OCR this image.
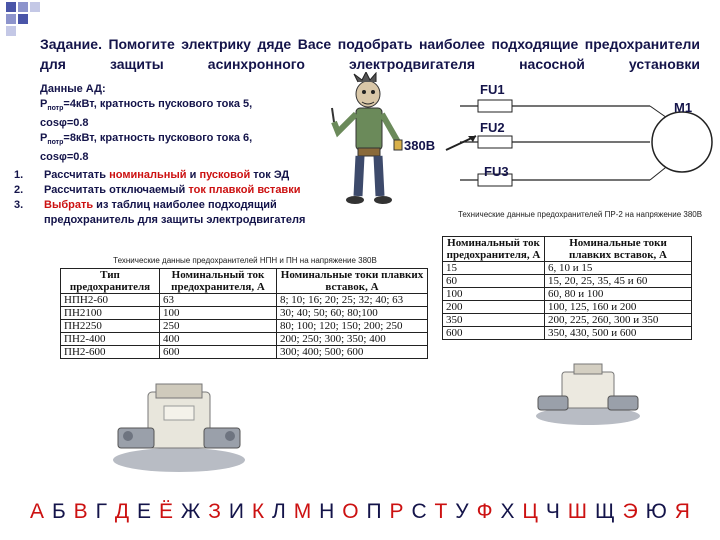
Задание. Помогите электрику дяде Васе подобрать наиболее подходящие предохранители для защиты асинхронного электродвигателя насосной установки
Данные АД:
$P_{потр}=4кВт$, кратность пускового тока 5,
cosφ=0.8
$P_{потр}=8кВт$, кратность пускового тока 6,
cosφ=0.8
1.	Рассчитать номинальный и пусковой ток ЭД
2.	Рассчитать отключаемый ток плавкой вставки
3.	Выбрать из таблиц наиболее подходящий предохранитель для защиты электродвигателя
FU1
FU2
FU3
M1
380В
Технические данные предохранителей ПР-2 на напряжение 380В
Номинальный ток предохранителя, А	Номинальные токи плавких вставок, А
15	6, 10 и 15
60	15, 20, 25, 35, 45 и 60
100	60, 80 и 100
200	100, 125, 160 и 200
350	200, 225, 260, 300 и 350
600	350, 430, 500 и 600
Технические данные предохранителей НПН и ПН на напряжение 380В
Тип предохранителя	Номинальный ток предохранителя, А	Номинальные токи плавких вставок, А
НПН2-60	63	8; 10; 16; 20; 25; 32; 40; 63
ПН2100	100	30; 40; 50; 60; 80;100
ПН2250	250	80; 100; 120; 150; 200; 250
ПН2-400	400	200; 250; 300; 350; 400
ПН2-600	600	300; 400; 500; 600
А Б В Г Д Е Ё Ж З И К Л М Н О П Р С Т У Ф Х Ц Ч Ш Щ Э Ю Я
